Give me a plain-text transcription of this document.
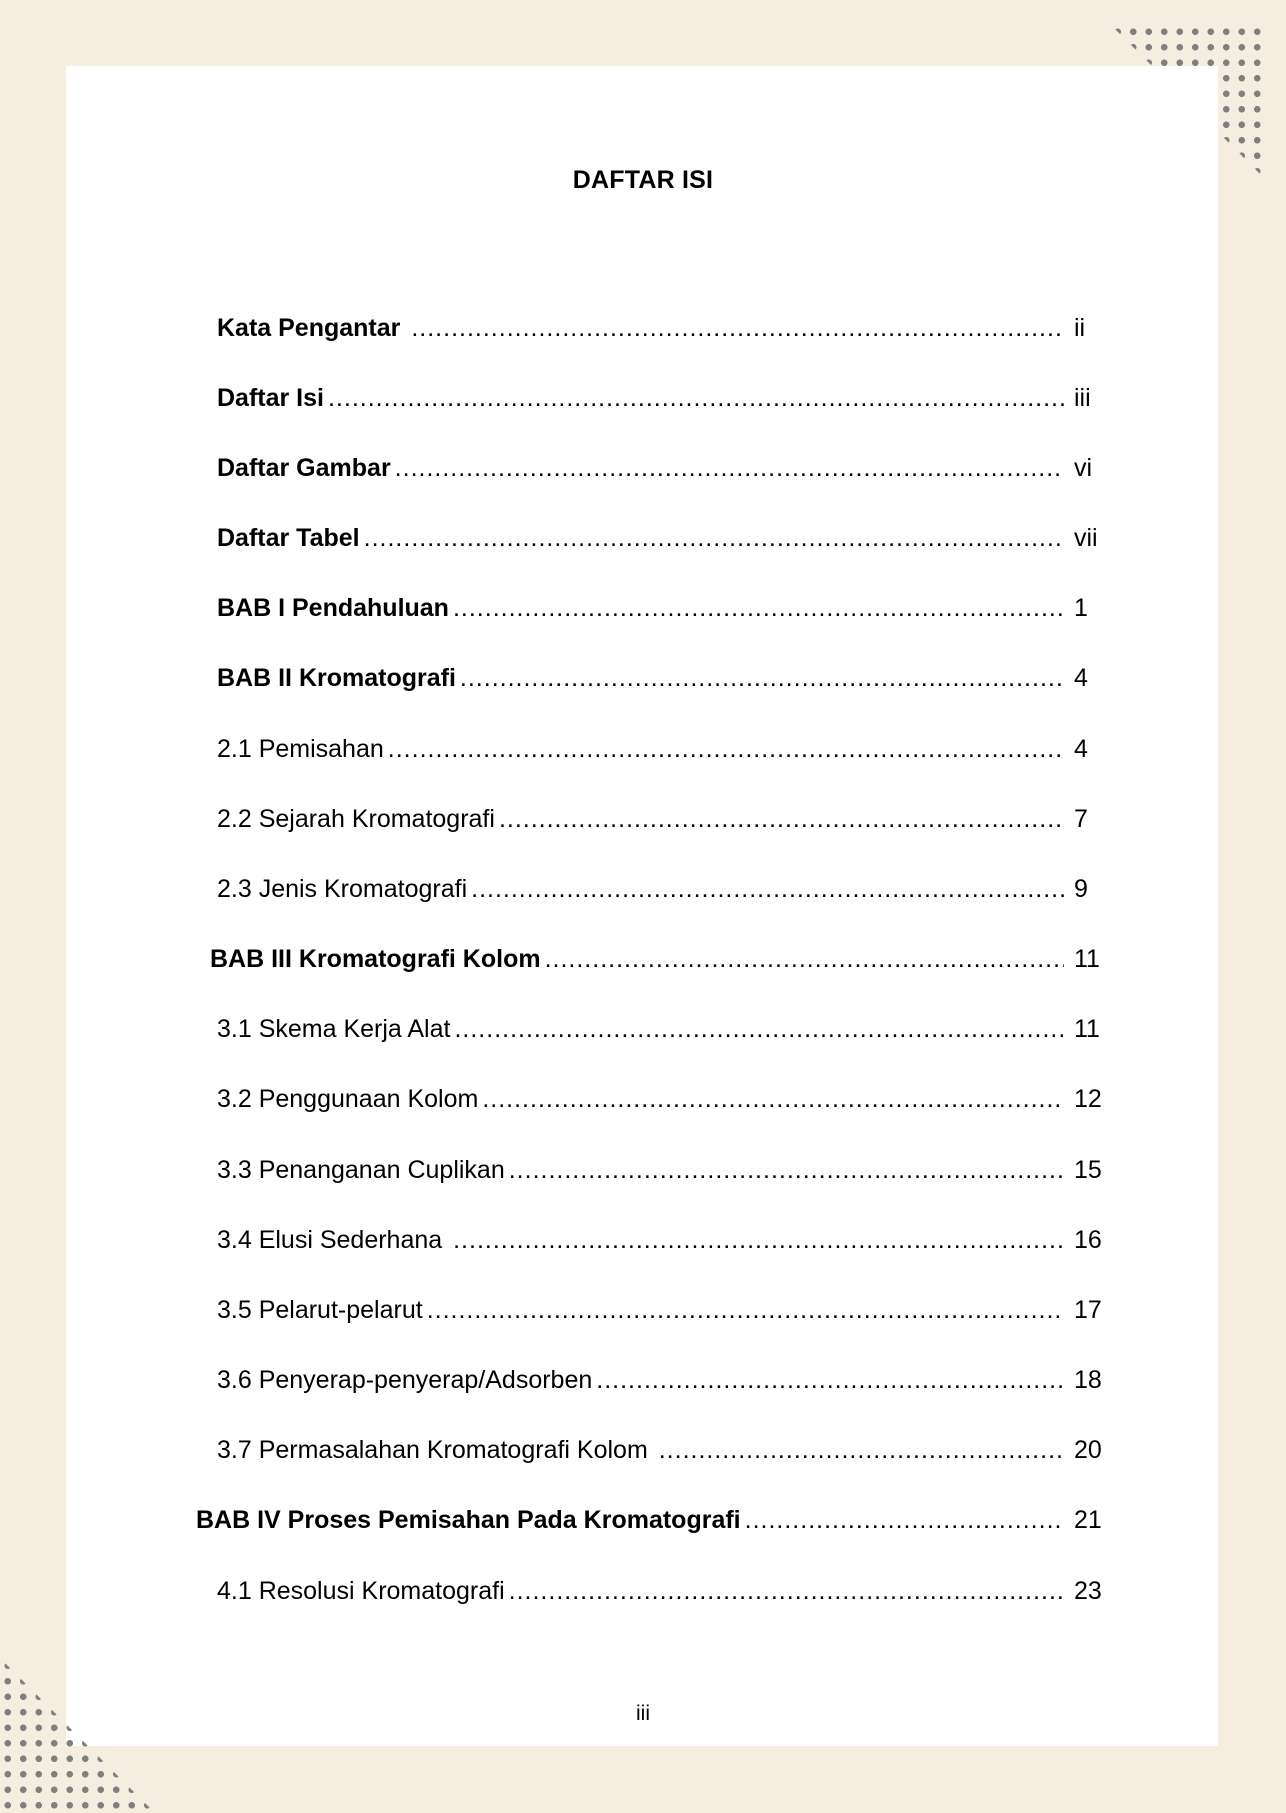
DAFTAR ISI
Kata Pengantar .....	ii
Daftar Isi .....	iii
Daftar Gambar .....	vi
Daftar Tabel .....	vii
BAB I Pendahuluan .....	1
BAB II Kromatografi .....	4
2.1 Pemisahan .....	4
2.2 Sejarah Kromatografi .....	7
2.3 Jenis Kromatografi .....	9
BAB III Kromatografi Kolom .....	11
3.1 Skema Kerja Alat .....	11
3.2 Penggunaan Kolom .....	12
3.3 Penanganan Cuplikan .....	15
3.4 Elusi Sederhana .....	16
3.5 Pelarut-pelarut .....	17
3.6 Penyerap-penyerap/Adsorben .....	18
3.7 Permasalahan Kromatografi Kolom .....	20
BAB IV Proses Pemisahan Pada Kromatografi .....	21
4.1 Resolusi Kromatografi .....	23
iii
